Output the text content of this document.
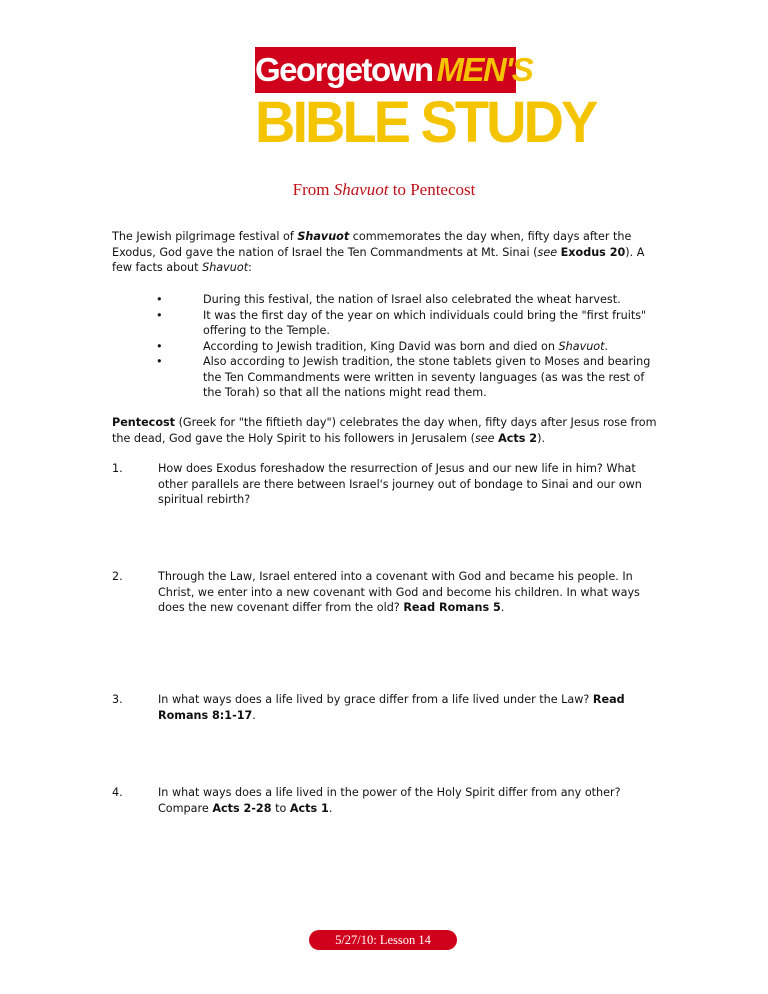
Georgetown MEN'S
BIBLE STUDY
From Shavuot to Pentecost
The Jewish pilgrimage festival of Shavuot commemorates the day when, fifty days after the Exodus, God gave the nation of Israel the Ten Commandments at Mt. Sinai (see Exodus 20). A few facts about Shavuot:
•	During this festival, the nation of Israel also celebrated the wheat harvest.
•	It was the first day of the year on which individuals could bring the "first fruits" offering to the Temple.
•	According to Jewish tradition, King David was born and died on Shavuot.
•	Also according to Jewish tradition, the stone tablets given to Moses and bearing the Ten Commandments were written in seventy languages (as was the rest of the Torah) so that all the nations might read them.
Pentecost (Greek for "the fiftieth day") celebrates the day when, fifty days after Jesus rose from the dead, God gave the Holy Spirit to his followers in Jerusalem (see Acts 2).
1.	How does Exodus foreshadow the resurrection of Jesus and our new life in him? What other parallels are there between Israel's journey out of bondage to Sinai and our own spiritual rebirth?
2.	Through the Law, Israel entered into a covenant with God and became his people. In Christ, we enter into a new covenant with God and become his children. In what ways does the new covenant differ from the old? Read Romans 5.
3.	In what ways does a life lived by grace differ from a life lived under the Law? Read Romans 8:1-17.
4.	In what ways does a life lived in the power of the Holy Spirit differ from any other? Compare Acts 2-28 to Acts 1.
5/27/10: Lesson 14
